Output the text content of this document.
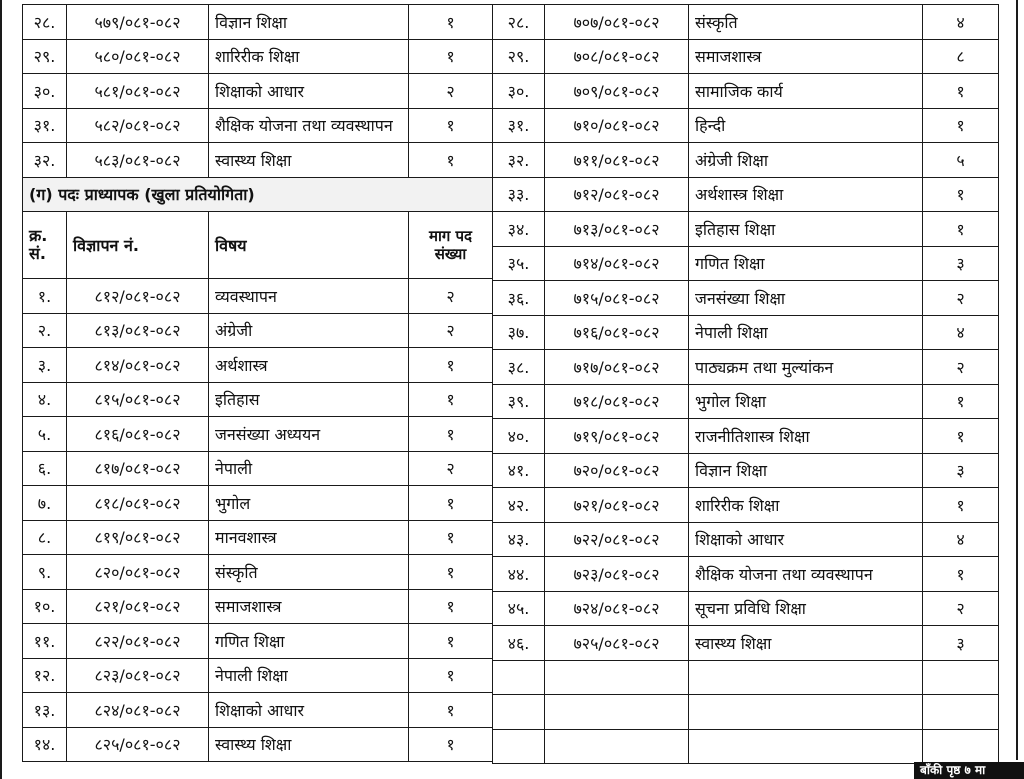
२८.	५७९/०८१-०८२	विज्ञान शिक्षा	१
२९.	५८०/०८१-०८२	शारिरीक शिक्षा	१
३०.	५८१/०८१-०८२	शिक्षाको आधार	२
३१.	५८२/०८१-०८२	शैक्षिक योजना तथा व्यवस्थापन	१
३२.	५८३/०८१-०८२	स्वास्थ्य शिक्षा	१
(ग) पदः प्राध्यापक (खुला प्रतियोगिता)			
क्र. सं.	विज्ञापन नं.	विषय	माग पद संख्या
१.	८१२/०८१-०८२	व्यवस्थापन	२
२.	८१३/०८१-०८२	अंग्रेजी	२
३.	८१४/०८१-०८२	अर्थशास्त्र	१
४.	८१५/०८१-०८२	इतिहास	१
५.	८१६/०८१-०८२	जनसंख्या अध्ययन	१
६.	८१७/०८१-०८२	नेपाली	२
७.	८१८/०८१-०८२	भुगोल	१
८.	८१९/०८१-०८२	मानवशास्त्र	१
९.	८२०/०८१-०८२	संस्कृति	१
१०.	८२१/०८१-०८२	समाजशास्त्र	१
११.	८२२/०८१-०८२	गणित शिक्षा	१
१२.	८२३/०८१-०८२	नेपाली शिक्षा	१
१३.	८२४/०८१-०८२	शिक्षाको आधार	१
१४.	८२५/०८१-०८२	स्वास्थ्य शिक्षा	१
२८.	७०७/०८१-०८२	संस्कृति	४
२९.	७०८/०८१-०८२	समाजशास्त्र	८
३०.	७०९/०८१-०८२	सामाजिक कार्य	१
३१.	७१०/०८१-०८२	हिन्दी	१
३२.	७११/०८१-०८२	अंग्रेजी शिक्षा	५
३३.	७१२/०८१-०८२	अर्थशास्त्र शिक्षा	१
३४.	७१३/०८१-०८२	इतिहास शिक्षा	१
३५.	७१४/०८१-०८२	गणित शिक्षा	३
३६.	७१५/०८१-०८२	जनसंख्या शिक्षा	२
३७.	७१६/०८१-०८२	नेपाली शिक्षा	४
३८.	७१७/०८१-०८२	पाठ्यक्रम तथा मुल्यांकन	२
३९.	७१८/०८१-०८२	भुगोल शिक्षा	१
४०.	७१९/०८१-०८२	राजनीतिशास्त्र शिक्षा	१
४१.	७२०/०८१-०८२	विज्ञान शिक्षा	३
४२.	७२१/०८१-०८२	शारिरीक शिक्षा	१
४३.	७२२/०८१-०८२	शिक्षाको आधार	४
४४.	७२३/०८१-०८२	शैक्षिक योजना तथा व्यवस्थापन	१
४५.	७२४/०८१-०८२	सूचना प्रविधि शिक्षा	२
४६.	७२५/०८१-०८२	स्वास्थ्य शिक्षा	३

बाँकी पृष्ठ ७ मा
